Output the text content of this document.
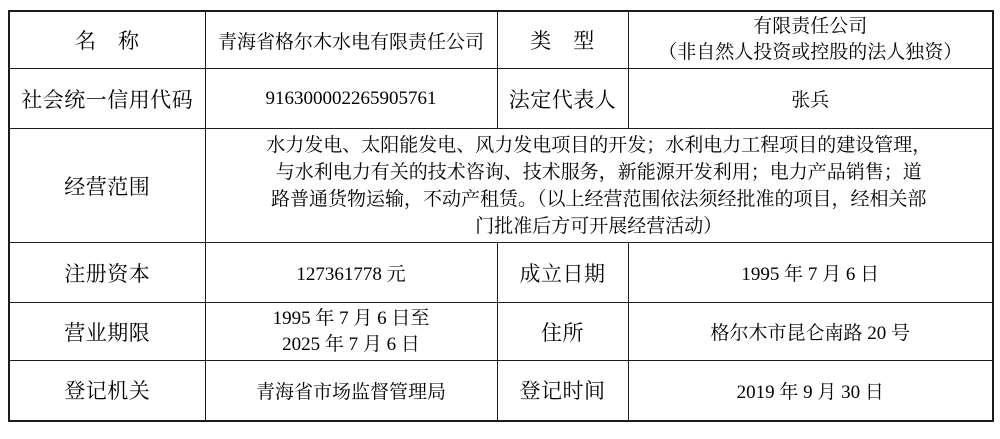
名　称	青海省格尔木水电有限责任公司	类　型	有限责任公司
（非自然人投资或控股的法人独资）
社会统一信用代码	916300002265905761	法定代表人	张兵
经营范围	水力发电、太阳能发电、风力发电项目的开发；水利电力工程项目的建设管理，
与水利电力有关的技术咨询、技术服务，新能源开发利用；电力产品销售；道
路普通货物运输，不动产租赁。（以上经营范围依法须经批准的项目，经相关部
门批准后方可开展经营活动）		
注册资本	127361778 元	成立日期	1995 年 7 月 6 日
营业期限	1995 年 7 月 6 日至
2025 年 7 月 6 日	住所	格尔木市昆仑南路 20 号
登记机关	青海省市场监督管理局	登记时间	2019 年 9 月 30 日
